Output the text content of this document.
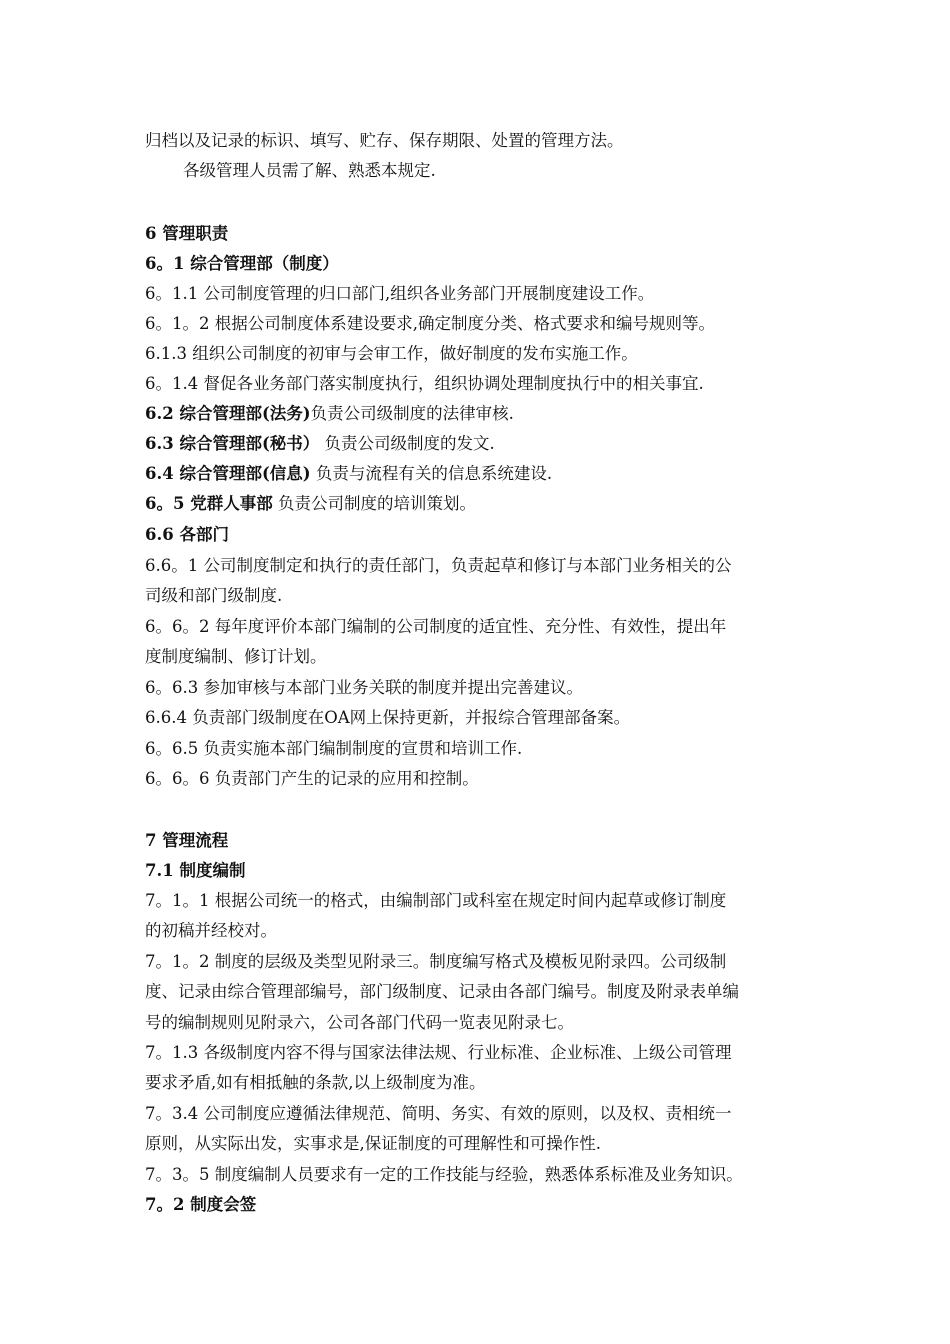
归档以及记录的标识、填写、贮存、保存期限、处置的管理方法。
各级管理人员需了解、熟悉本规定.
6 管理职责
6。1 综合管理部（制度）
6。1.1 公司制度管理的归口部门,组织各业务部门开展制度建设工作。
6。1。2 根据公司制度体系建设要求,确定制度分类、格式要求和编号规则等。
6.1.3 组织公司制度的初审与会审工作，做好制度的发布实施工作。
6。1.4 督促各业务部门落实制度执行，组织协调处理制度执行中的相关事宜.
6.2 综合管理部(法务)负责公司级制度的法律审核.
6.3 综合管理部(秘书） 负责公司级制度的发文.
6.4 综合管理部(信息) 负责与流程有关的信息系统建设.
6。5 党群人事部 负责公司制度的培训策划。
6.6 各部门
6.6。1 公司制度制定和执行的责任部门，负责起草和修订与本部门业务相关的公
司级和部门级制度.
6。6。2 每年度评价本部门编制的公司制度的适宜性、充分性、有效性，提出年
度制度编制、修订计划。
6。6.3 参加审核与本部门业务关联的制度并提出完善建议。
6.6.4 负责部门级制度在OA网上保持更新，并报综合管理部备案。
6。6.5 负责实施本部门编制制度的宣贯和培训工作.
6。6。6 负责部门产生的记录的应用和控制。
7 管理流程
7.1 制度编制
7。1。1 根据公司统一的格式，由编制部门或科室在规定时间内起草或修订制度
的初稿并经校对。
7。1。2 制度的层级及类型见附录三。制度编写格式及模板见附录四。公司级制
度、记录由综合管理部编号，部门级制度、记录由各部门编号。制度及附录表单编
号的编制规则见附录六，公司各部门代码一览表见附录七。
7。1.3 各级制度内容不得与国家法律法规、行业标准、企业标准、上级公司管理
要求矛盾,如有相抵触的条款,以上级制度为准。
7。3.4 公司制度应遵循法律规范、简明、务实、有效的原则，以及权、责相统一
原则，从实际出发，实事求是,保证制度的可理解性和可操作性.
7。3。5 制度编制人员要求有一定的工作技能与经验，熟悉体系标准及业务知识。
7。2 制度会签
